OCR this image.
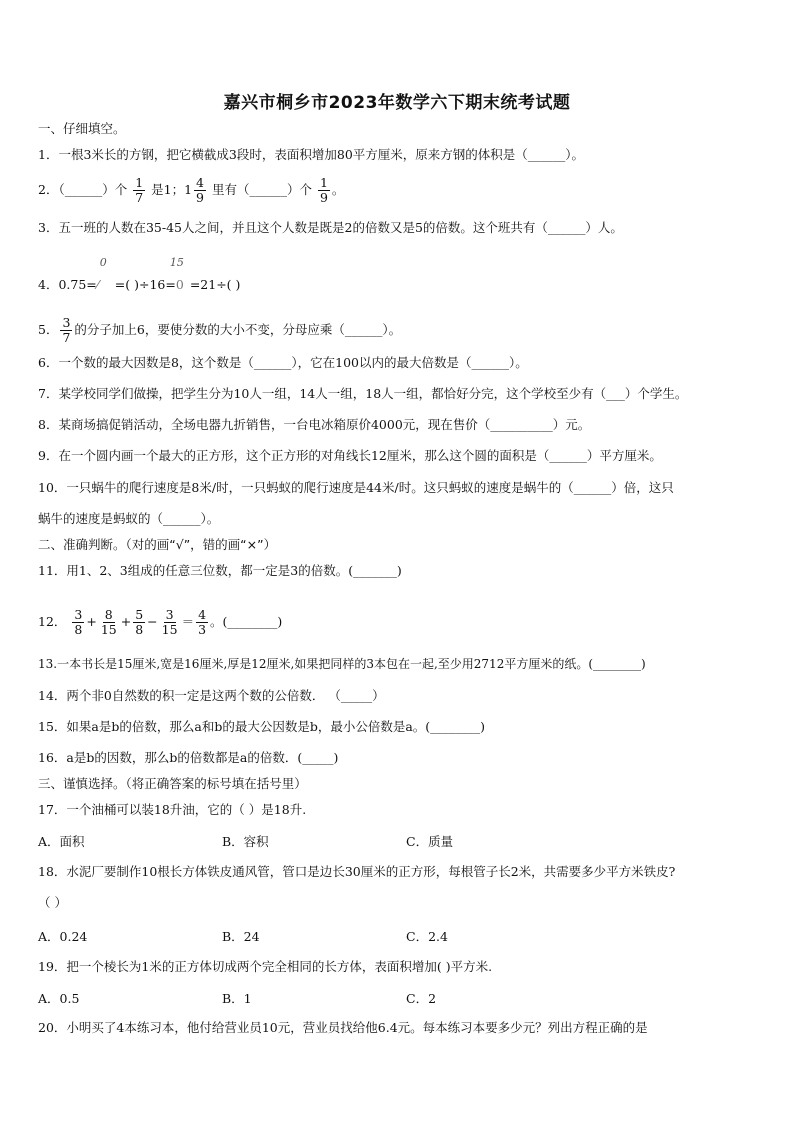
嘉兴市桐乡市2023年数学六下期末统考试题
一、仔细填空。
1．一根3米长的方钢，把它横截成3段时，表面积增加80平方厘米，原来方钢的体积是（______）。
2．（______）个 $\frac{1}{7}$ 是1；$1 \frac{4}{9}$ 里有（______）个 $\frac{1}{9}$ 。
3．五一班的人数在35-45人之间，并且这个人数是既是2的倍数又是5的倍数。这个班共有（______）人。
4．0.75=
0
⁄ =( )÷16=
15
0 =21÷( )
5． $\frac{3}{7}$ 的分子加上6，要使分数的大小不变，分母应乘（______）。
6．一个数的最大因数是8，这个数是（______），它在100以内的最大倍数是（______）。
7．某学校同学们做操，把学生分为10人一组，14人一组，18人一组，都恰好分完，这个学校至少有（___）个学生。
8．某商场搞促销活动，全场电器九折销售，一台电冰箱原价4000元，现在售价（__________）元。
9．在一个圆内画一个最大的正方形，这个正方形的对角线长12厘米，那么这个圆的面积是（______）平方厘米。
10．一只蜗牛的爬行速度是8米/时，一只蚂蚁的爬行速度是44米/时。这只蚂蚁的速度是蜗牛的（______）倍，这只
蜗牛的速度是蚂蚁的（______）。
二、准确判断。（对的画“√”，错的画“×”）
11．用1、2、3组成的任意三位数，都一定是3的倍数。(_______)
12． $\frac{3}{8} + \frac{8}{15} + \frac{5}{8} - \frac{3}{15} = \frac{4}{3}$ 。(________)
13.一本书长是15厘米,宽是16厘米,厚是12厘米,如果把同样的3本包在一起,至少用2712平方厘米的纸。(________)
14．两个非0自然数的积一定是这两个数的公倍数． （_____）
15．如果a是b的倍数，那么a和b的最大公因数是b，最小公倍数是a。(________)
16．a是b的因数，那么b的倍数都是a的倍数．(_____)
三、谨慎选择。（将正确答案的标号填在括号里）
17．一个油桶可以装18升油，它的（ ）是18升.
A．面积	B．容积	C．质量
18．水泥厂要制作10根长方体铁皮通风管，管口是边长30厘米的正方形，每根管子长2米，共需要多少平方米铁皮?
（ ）
A．0.24	B．24	C．2.4
19．把一个棱长为1米的正方体切成两个完全相同的长方体，表面积增加( )平方米.
A．0.5	B．1	C．2
20．小明买了4本练习本，他付给营业员10元，营业员找给他6.4元。每本练习本要多少元？列出方程正确的是
